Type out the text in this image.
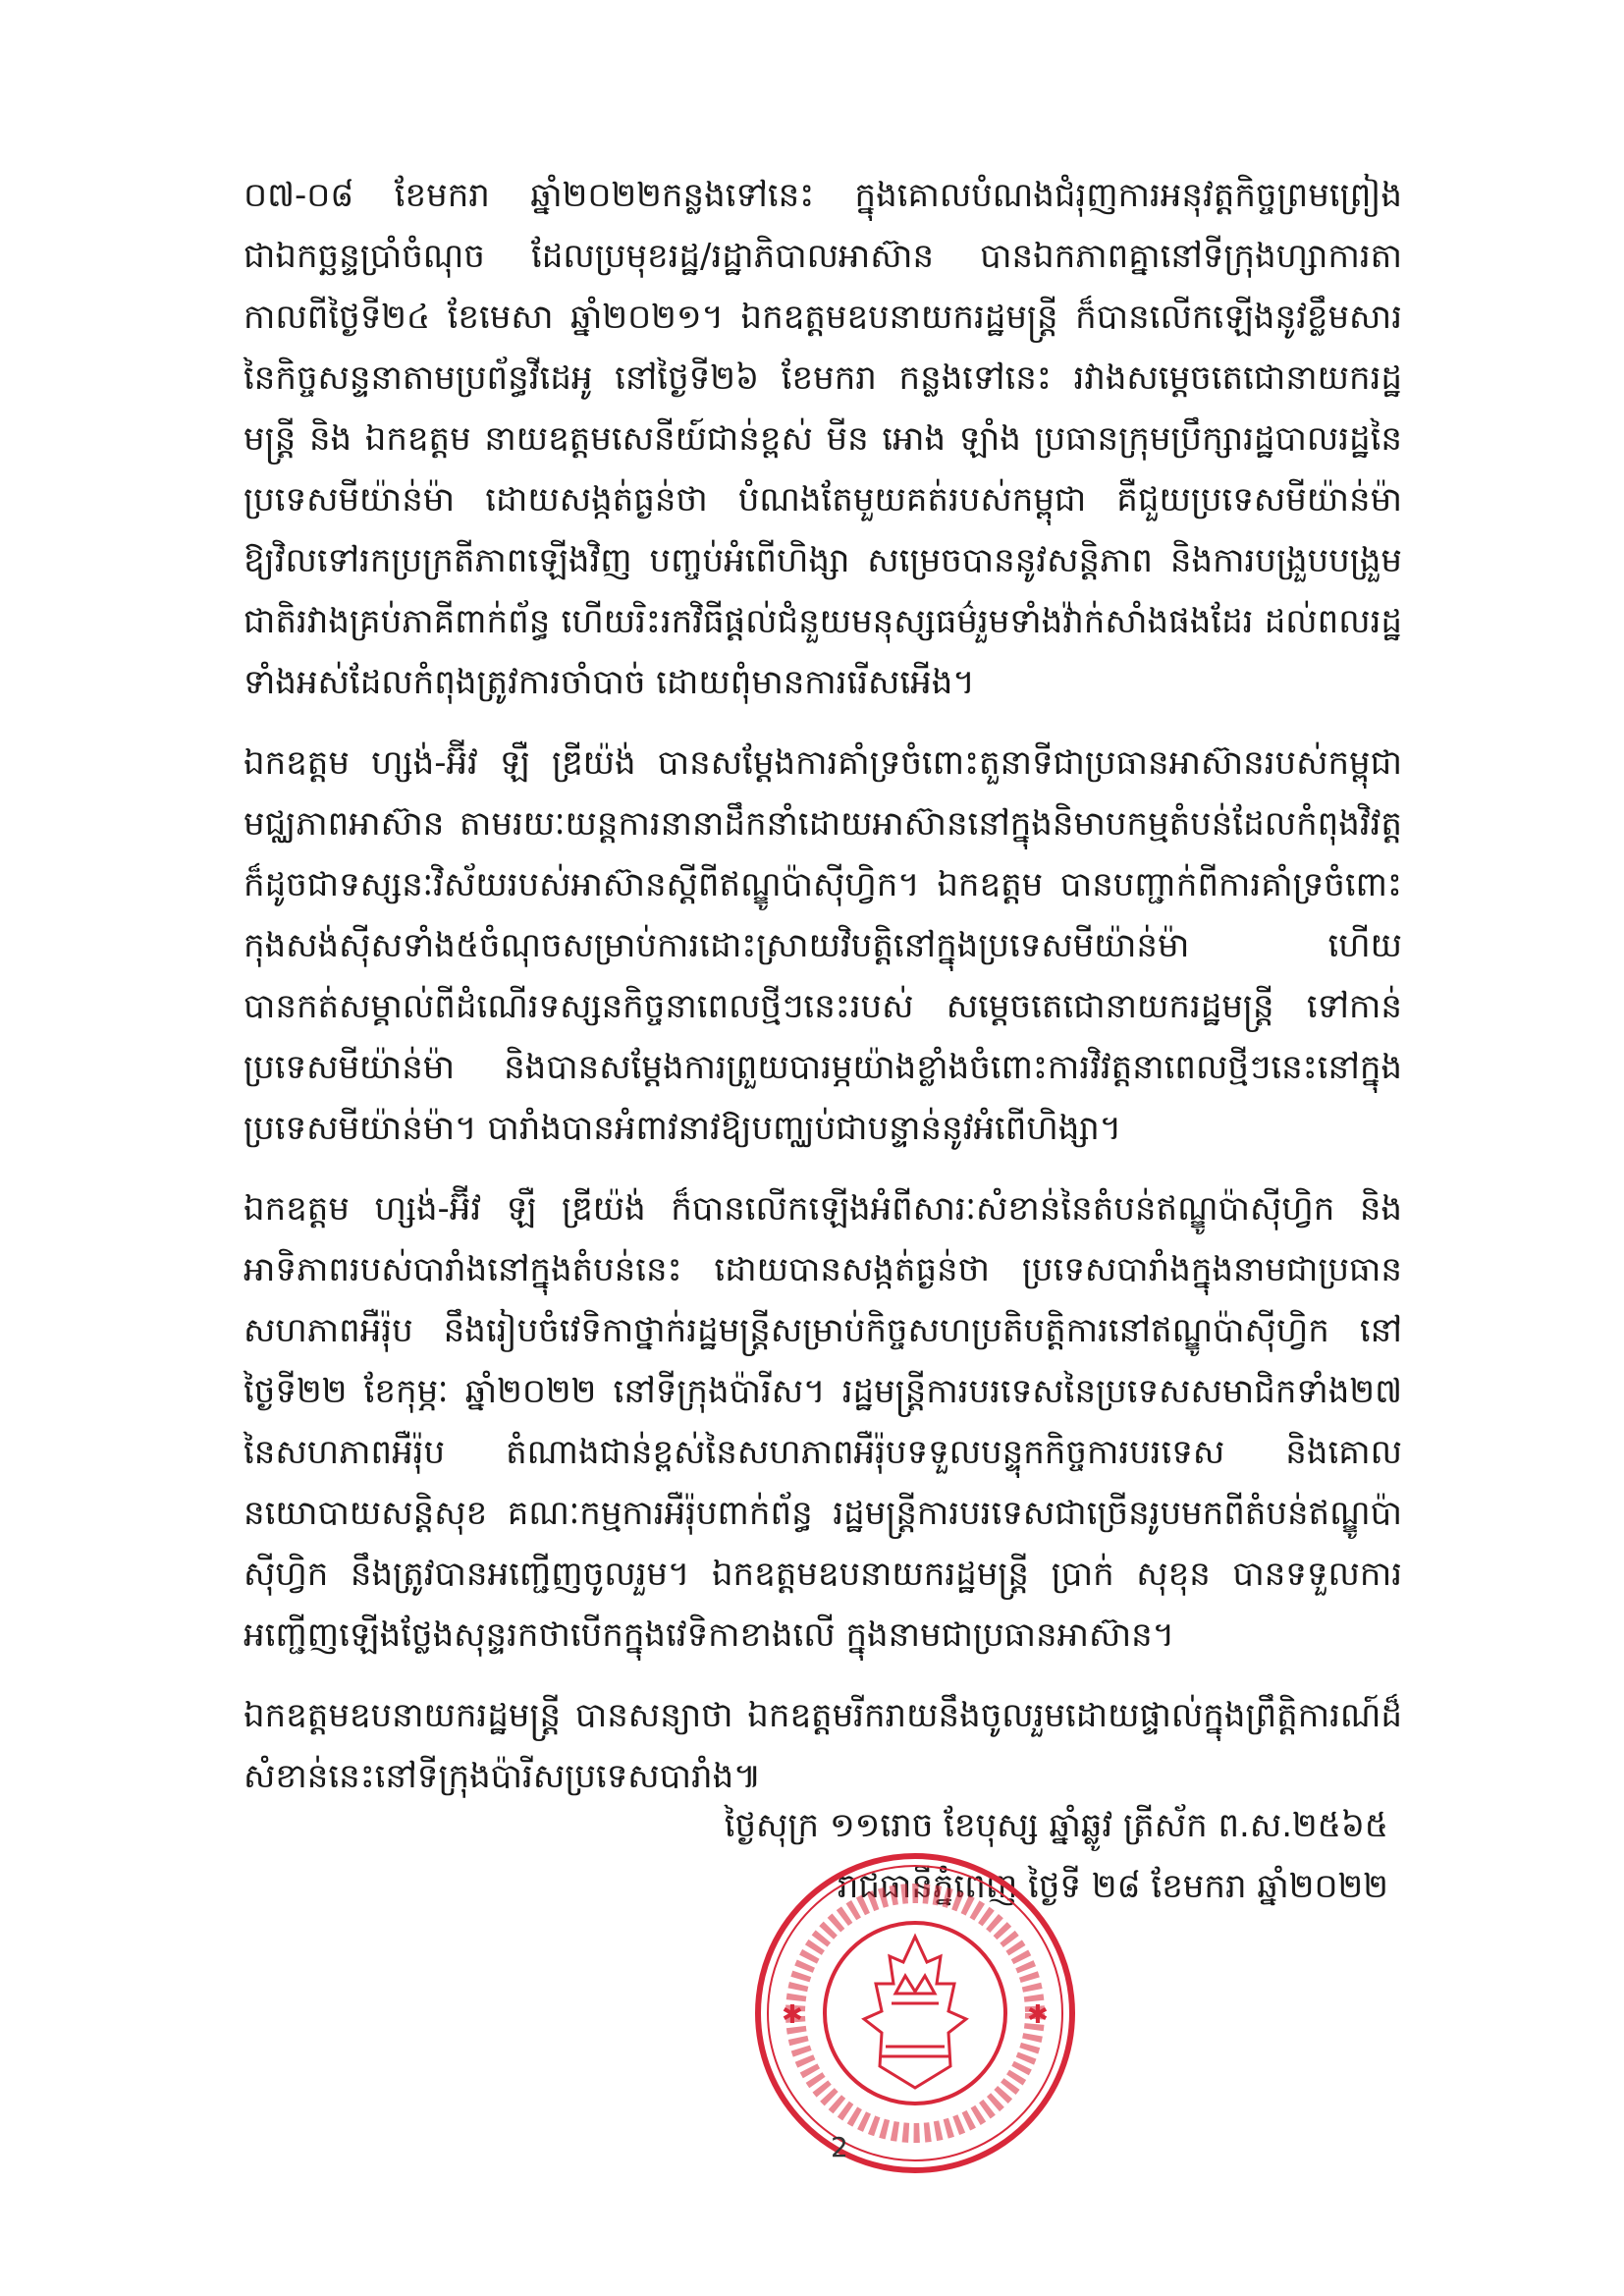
០៧-០៨ ខែមករា ឆ្នាំ២០២២កន្លងទៅនេះ ក្នុងគោលបំណងជំរុញការអនុវត្តកិច្ចព្រមព្រៀងជាឯកច្ឆន្ទប្រាំចំណុច ដែលប្រមុខរដ្ឋ/រដ្ឋាភិបាលអាស៊ាន បានឯកភាពគ្នានៅទីក្រុងហ្សាការតា កាលពីថ្ងៃទី២៤ ខែមេសា ឆ្នាំ២០២១។ ឯកឧត្តមឧបនាយករដ្ឋមន្ត្រី ក៏បានលើកឡើងនូវខ្លឹមសារនៃកិច្ចសន្ទនាតាមប្រព័ន្ធវីដេអូ នៅថ្ងៃទី២៦ ខែមករា កន្លងទៅនេះ រវាងសម្តេចតេជោនាយករដ្ឋមន្ត្រី និង ឯកឧត្តម នាយឧត្តមសេនីយ៍ជាន់ខ្ពស់ មីន អោង ឡាំង ប្រធានក្រុមប្រឹក្សារដ្ឋបាលរដ្ឋនៃប្រទេសមីយ៉ាន់ម៉ា ដោយសង្កត់ធ្ងន់ថា បំណងតែមួយគត់របស់កម្ពុជា គឺជួយប្រទេសមីយ៉ាន់ម៉ាឱ្យវិលទៅរកប្រក្រតីភាពឡើងវិញ បញ្ចប់អំពើហិង្សា សម្រេចបាននូវសន្តិភាព និងការបង្រួបបង្រួមជាតិរវាងគ្រប់ភាគីពាក់ព័ន្ធ ហើយរិះរកវិធីផ្តល់ជំនួយមនុស្សធម៌រួមទាំងវ៉ាក់សាំងផងដែរ ដល់ពលរដ្ឋទាំងអស់ដែលកំពុងត្រូវការចាំបាច់ ដោយពុំមានការរើសអើង។

ឯកឧត្តម ហ្សង់-អ៊ីវ ឡឺ ឌ្រីយ៉ង់ បានសម្តែងការគាំទ្រចំពោះតួនាទីជាប្រធានអាស៊ានរបស់កម្ពុជា មជ្ឈភាពអាស៊ាន តាមរយៈយន្តការនានាដឹកនាំដោយអាស៊ាននៅក្នុងនិមាបកម្មតំបន់ដែលកំពុងវិវត្ត ក៏ដូចជាទស្សនៈវិស័យរបស់អាស៊ានស្តីពីឥណ្ឌូប៉ាស៊ីហ្វិក។ ឯកឧត្តម បានបញ្ជាក់ពីការគាំទ្រចំពោះកុងសង់ស៊ីសទាំង៥ចំណុចសម្រាប់ការដោះស្រាយវិបត្តិនៅក្នុងប្រទេសមីយ៉ាន់ម៉ា ហើយបានកត់សម្គាល់ពីដំណើរទស្សនកិច្ចនាពេលថ្មីៗនេះរបស់ សម្តេចតេជោនាយករដ្ឋមន្ត្រី ទៅកាន់ប្រទេសមីយ៉ាន់ម៉ា និងបានសម្តែងការព្រួយបារម្ភយ៉ាងខ្លាំងចំពោះការវិវត្តនាពេលថ្មីៗនេះនៅក្នុងប្រទេសមីយ៉ាន់ម៉ា។ បារាំងបានអំពាវនាវឱ្យបញ្ឈប់ជាបន្ទាន់នូវអំពើហិង្សា។

ឯកឧត្តម ហ្សង់-អ៊ីវ ឡឺ ឌ្រីយ៉ង់ ក៏បានលើកឡើងអំពីសារៈសំខាន់នៃតំបន់ឥណ្ឌូប៉ាស៊ីហ្វិក និងអាទិភាពរបស់បារាំងនៅក្នុងតំបន់នេះ ដោយបានសង្កត់ធ្ងន់ថា ប្រទេសបារាំងក្នុងនាមជាប្រធានសហភាពអឺរ៉ុប នឹងរៀបចំវេទិកាថ្នាក់រដ្ឋមន្ត្រីសម្រាប់កិច្ចសហប្រតិបត្តិការនៅឥណ្ឌូប៉ាស៊ីហ្វិក នៅថ្ងៃទី២២ ខែកុម្ភៈ ឆ្នាំ២០២២ នៅទីក្រុងប៉ារីស។ រដ្ឋមន្ត្រីការបរទេសនៃប្រទេសសមាជិកទាំង២៧ នៃសហភាពអឺរ៉ុប តំណាងជាន់ខ្ពស់នៃសហភាពអឺរ៉ុបទទួលបន្ទុកកិច្ចការបរទេស និងគោលនយោបាយសន្តិសុខ គណៈកម្មការអឺរ៉ុបពាក់ព័ន្ធ រដ្ឋមន្ត្រីការបរទេសជាច្រើនរូបមកពីតំបន់ឥណ្ឌូប៉ាស៊ីហ្វិក នឹងត្រូវបានអញ្ជើញចូលរួម។ ឯកឧត្តមឧបនាយករដ្ឋមន្ត្រី ប្រាក់ សុខុន បានទទួលការអញ្ជើញឡើងថ្លែងសុន្ទរកថាបើកក្នុងវេទិកាខាងលើ ក្នុងនាមជាប្រធានអាស៊ាន។

ឯកឧត្តមឧបនាយករដ្ឋមន្ត្រី បានសន្យាថា ឯកឧត្តមរីករាយនឹងចូលរួមដោយផ្ទាល់ក្នុងព្រឹត្តិការណ៍ដ៏សំខាន់នេះនៅទីក្រុងប៉ារីសប្រទេសបារាំង៕

ថ្ងៃសុក្រ ១១រោច ខែបុស្ស ឆ្នាំឆ្លូវ ត្រីស័ក ព.ស.២៥៦៥
រាជធានីភ្នំពេញ ថ្ងៃទី ២៨ ខែមករា ឆ្នាំ២០២២
✱	✱
2
